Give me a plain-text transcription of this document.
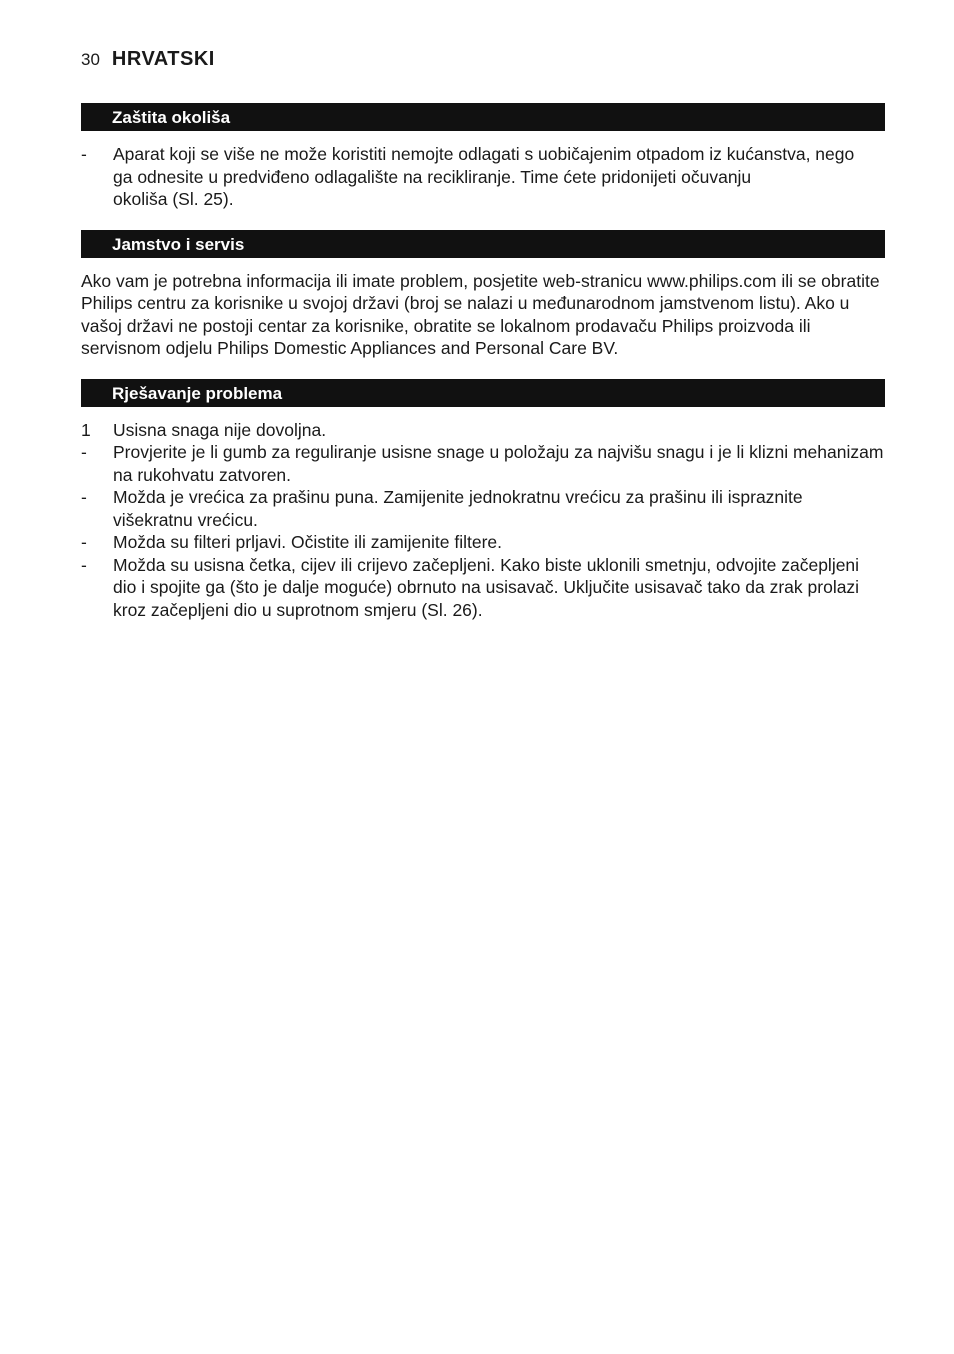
30 HRVATSKI
Zaštita okoliša
-	Aparat koji se više ne može koristiti nemojte odlagati s uobičajenim otpadom iz kućanstva, nego
ga odnesite u predviđeno odlagalište na recikliranje. Time ćete pridonijeti očuvanju
okoliša (Sl. 25).
Jamstvo i servis

Ako vam je potrebna informacija ili imate problem, posjetite web-stranicu www.philips.com ili se obratite Philips centru za korisnike u svojoj državi (broj se nalazi u međunarodnom jamstvenom listu). Ako u vašoj državi ne postoji centar za korisnike, obratite se lokalnom prodavaču Philips proizvoda ili servisnom odjelu Philips Domestic Appliances and Personal Care BV.

Rješavanje problema
1	Usisna snaga nije dovoljna.
-	Provjerite je li gumb za reguliranje usisne snage u položaju za najvišu snagu i je li klizni mehanizam na rukohvatu zatvoren.
-	Možda je vrećica za prašinu puna. Zamijenite jednokratnu vrećicu za prašinu ili ispraznite višekratnu vrećicu.
-	Možda su filteri prljavi. Očistite ili zamijenite filtere.
-	Možda su usisna četka, cijev ili crijevo začepljeni. Kako biste uklonili smetnju, odvojite začepljeni dio i spojite ga (što je dalje moguće) obrnuto na usisavač. Uključite usisavač tako da zrak prolazi kroz začepljeni dio u suprotnom smjeru (Sl. 26).
